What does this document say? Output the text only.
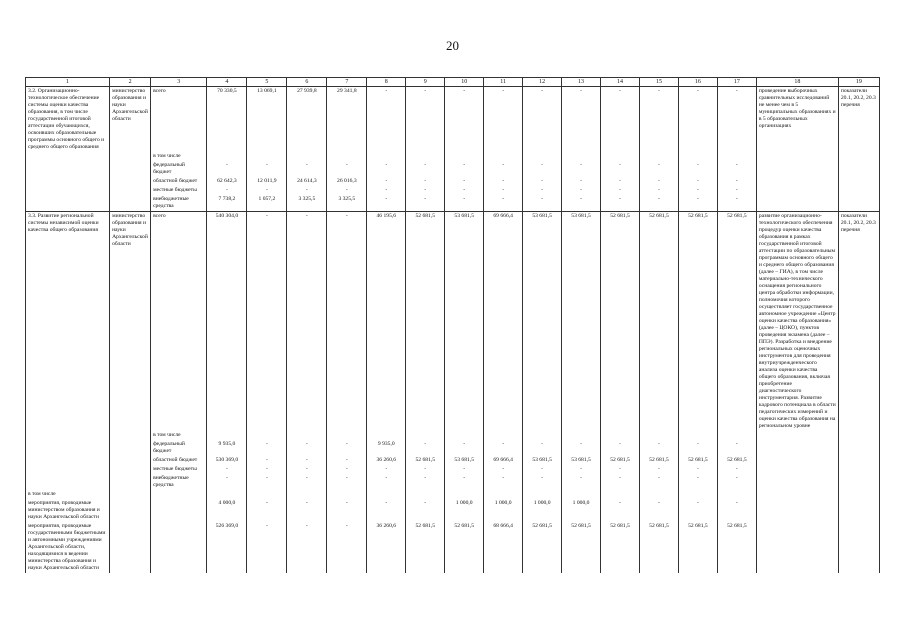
20
1	2	3	4	5	6	7	8	9	10	11	12	13	14	15	16	17	18	19
3.2. Организационно-технологическое обеспечение системы оценки качества образования, в том числе государственной итоговой аттестации обучающихся, освоивших образовательные программы основного общего и среднего общего образования	министерство образования и науки Архангельской области	всего	70 330,5	13 069,1	27 939,8	29 341,8	-	-	-	-	-	-	-	-	-	-	проведение выборочных сравнительных исследований не менее чем в 5 муниципальных образованиях и в 5 образовательных организациях	показатели 20.1, 20.2, 20.3 перечня
		в том числе																
		федеральный бюджет	-	-	-	-	-	-	-	-	-	-	-	-	-	-		
		областной бюджет	62 642,3	12 011,9	24 614,3	26 016,3	-	-	-	-	-	-	-	-	-	-		
		местные бюджеты	-	-	-	-	-	-	-	-	-	-	-	-	-	-		
		внебюджетные средства	7 738,2	1 057,2	3 325,5	3 325,5	-	-	-	-	-	-	-	-	-	-		
3.3. Развитие региональной системы независимой оценки качества общего образования	министерство образования и науки Архангельской области	всего	540 304,0	-	-	-	46 195,6	52 681,5	53 681,5	69 666,4	53 681,5	53 681,5	52 681,5	52 681,5	52 681,5	52 681,5	развитие организационно-технологического обеспечения процедур оценки качества образования в рамках государственной итоговой аттестации по образовательным программам основного общего и среднего общего образования (далее – ГИА), в том числе материально-технического оснащения регионального центра обработки информации, полномочия которого осуществляет государственное автономное учреждение «Центр оценки качества образования» (далее – ЦОКО), пунктов проведения экзамена (далее – ППЭ). Разработка и внедрение региональных оценочных инструментов для проведения внутриучрежденческого анализа оценки качества общего образования, включая приобретение диагностического инструментария. Развитие кадрового потенциала в области педагогических измерений и оценки качества образования на региональном уровне	показатели 20.1, 20.2, 20.3 перечня
		в том числе																
		федеральный бюджет	9 935,0	-	-	-	9 935,0	-	-	-	-	-	-	-	-	-		
		областной бюджет	530 369,0	-	-	-	36 260,6	52 681,5	53 681,5	69 666,4	53 681,5	53 681,5	52 681,5	52 681,5	52 681,5	52 681,5		
		местные бюджеты	-	-	-	-	-	-	-	-	-	-	-	-	-	-		
		внебюджетные средства	-	-	-	-	-	-	-	-	-	-	-	-	-	-		
в том числе																		
мероприятия, проводимые министерством образования и науки Архангельской области			4 000,0	-	-	-	-	-	1 000,0	1 000,0	1 000,0	1 000,0	-	-	-	-		
мероприятия, проводимые государственными бюджетными и автономными учреждениями Архангельской области, находящимися в ведении министерства образования и науки Архангельской области			526 369,0	-	-	-	36 260,6	52 681,5	52 681,5	68 666,4	52 681,5	52 681,5	52 681,5	52 681,5	52 681,5	52 681,5		
